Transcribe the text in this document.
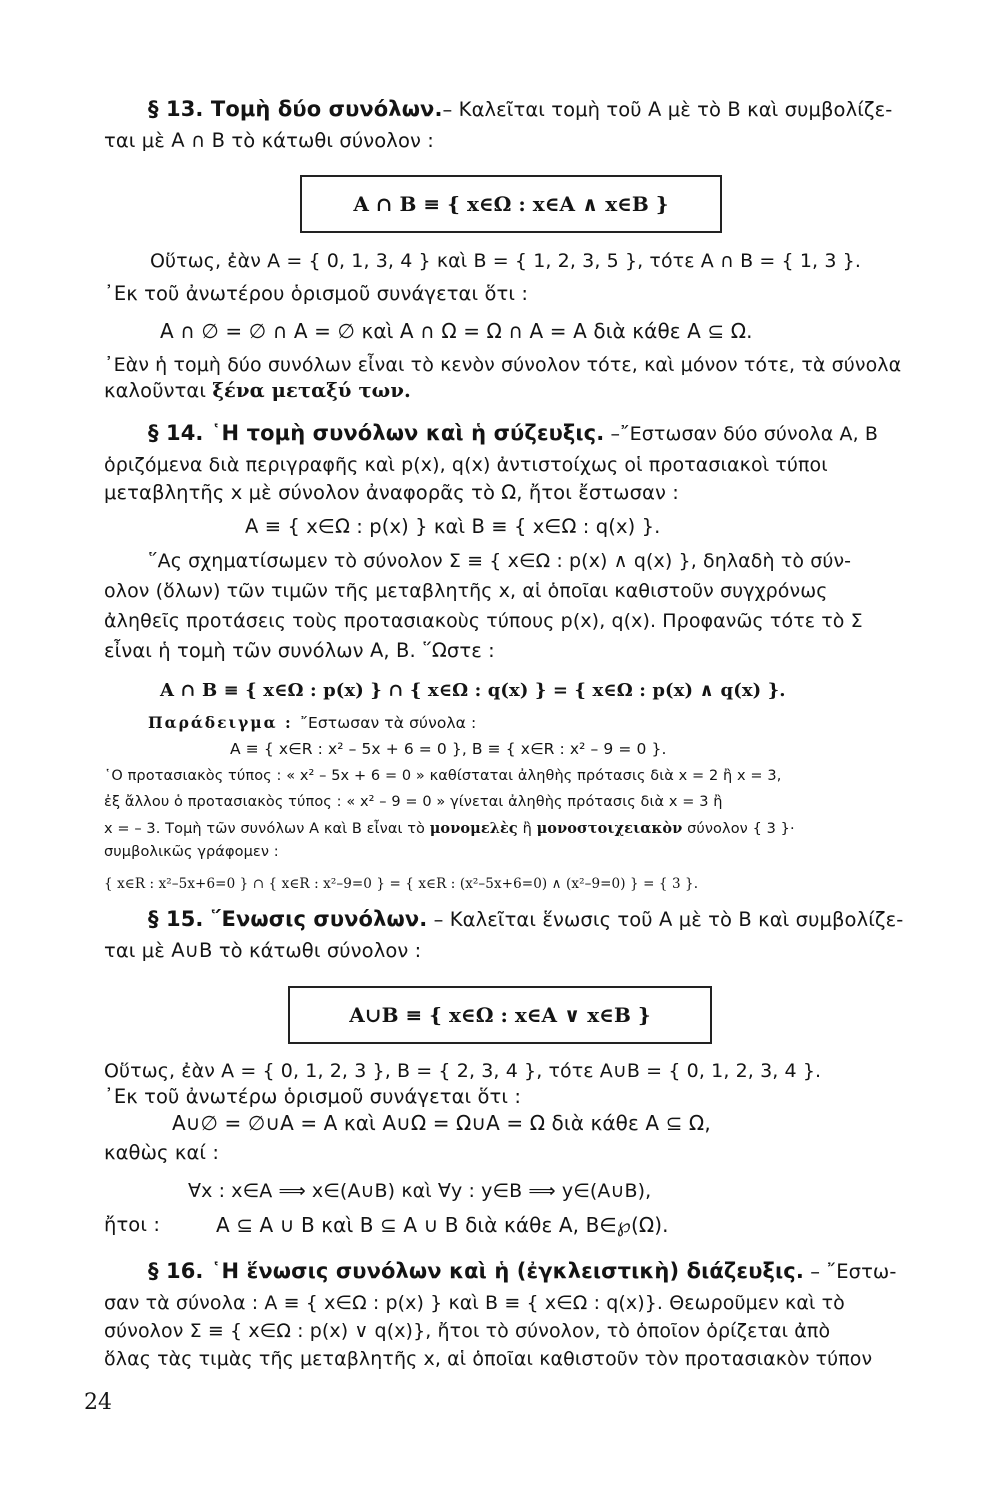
§ 13. Τομὴ δύο συνόλων.– Καλεῖται τομὴ τοῦ Α μὲ τὸ Β καὶ συμβολίζε-
ται μὲ Α ∩ Β τὸ κάτωθι σύνολον :
Α ∩ Β ≡ { x∈Ω : x∈Α ∧ x∈Β }
Οὕτως, ἐὰν Α = { 0, 1, 3, 4 } καὶ Β = { 1, 2, 3, 5 }, τότε Α ∩ Β = { 1, 3 }.
᾿Εκ τοῦ ἀνωτέρου ὁρισμοῦ συνάγεται ὅτι :
Α ∩ ∅ = ∅ ∩ Α = ∅ καὶ Α ∩ Ω = Ω ∩ Α = Α διὰ κάθε Α ⊆ Ω.
᾿Εὰν ἡ τομὴ δύο συνόλων εἶναι τὸ κενὸν σύνολον τότε, καὶ μόνον τότε, τὰ σύνολα
καλοῦνται ξένα μεταξύ των.
§ 14. ῾Η τομὴ συνόλων καὶ ἡ σύζευξις. –῎Εστωσαν δύο σύνολα Α, Β
ὁριζόμενα διὰ περιγραφῆς καὶ p(x), q(x) ἀντιστοίχως οἱ προτασιακοὶ τύποι
μεταβλητῆς x μὲ σύνολον ἀναφορᾶς τὸ Ω, ἤτοι ἔστωσαν :
Α ≡ { x∈Ω : p(x) } καὶ Β ≡ { x∈Ω : q(x) }.
῞Ας σχηματίσωμεν τὸ σύνολον Σ ≡ { x∈Ω : p(x) ∧ q(x) }, δηλαδὴ τὸ σύν-
ολον (ὅλων) τῶν τιμῶν τῆς μεταβλητῆς x, αἱ ὁποῖαι καθιστοῦν συγχρόνως
ἀληθεῖς προτάσεις τοὺς προτασιακοὺς τύπους p(x), q(x). Προφανῶς τότε τὸ Σ
εἶναι ἡ τομὴ τῶν συνόλων Α, Β. ῞Ωστε :
Α ∩ Β ≡ { x∈Ω : p(x) } ∩ { x∈Ω : q(x) } = { x∈Ω : p(x) ∧ q(x) }.
Παράδειγμα : ῎Εστωσαν τὰ σύνολα :
Α ≡ { x∈R : x² – 5x + 6 = 0 }, Β ≡ { x∈R : x² – 9 = 0 }.
῾Ο προτασιακὸς τύπος : « x² – 5x + 6 = 0 » καθίσταται ἀληθὴς πρότασις διὰ x = 2 ἢ x = 3,
ἐξ ἄλλου ὁ προτασιακὸς τύπος : « x² – 9 = 0 » γίνεται ἀληθὴς πρότασις διὰ x = 3 ἢ
x = – 3. Τομὴ τῶν συνόλων Α καὶ Β εἶναι τὸ μονομελὲς ἢ μονοστοιχειακὸν σύνολον { 3 }·
συμβολικῶς γράφομεν :
{ x∈R : x²–5x+6=0 } ∩ { x∈R : x²–9=0 } = { x∈R : (x²–5x+6=0) ∧ (x²–9=0) } = { 3 }.
§ 15. ῞Ενωσις συνόλων. – Καλεῖται ἕνωσις τοῦ Α μὲ τὸ Β καὶ συμβολίζε-
ται μὲ Α∪Β τὸ κάτωθι σύνολον :
Α∪Β ≡ { x∈Ω : x∈Α ∨ x∈Β }
Οὕτως, ἐὰν Α = { 0, 1, 2, 3 }, Β = { 2, 3, 4 }, τότε Α∪Β = { 0, 1, 2, 3, 4 }.
᾿Εκ τοῦ ἀνωτέρω ὁρισμοῦ συνάγεται ὅτι :
Α∪∅ = ∅∪Α = Α καὶ Α∪Ω = Ω∪Α = Ω διὰ κάθε Α ⊆ Ω,
καθὼς καί :
∀x : x∈Α ⟹ x∈(Α∪Β) καὶ ∀y : y∈Β ⟹ y∈(Α∪Β),
ἤτοι :	Α ⊆ Α ∪ Β καὶ Β ⊆ Α ∪ Β διὰ κάθε Α, Β∈℘(Ω).
§ 16. ῾Η ἕνωσις συνόλων καὶ ἡ (ἐγκλειστικὴ) διάζευξις. – ῎Εστω-
σαν τὰ σύνολα : Α ≡ { x∈Ω : p(x) } καὶ Β ≡ { x∈Ω : q(x)}. Θεωροῦμεν καὶ τὸ
σύνολον Σ ≡ { x∈Ω : p(x) ∨ q(x)}, ἤτοι τὸ σύνολον, τὸ ὁποῖον ὁρίζεται ἀπὸ
ὅλας τὰς τιμὰς τῆς μεταβλητῆς x, αἱ ὁποῖαι καθιστοῦν τὸν προτασιακὸν τύπον
24
